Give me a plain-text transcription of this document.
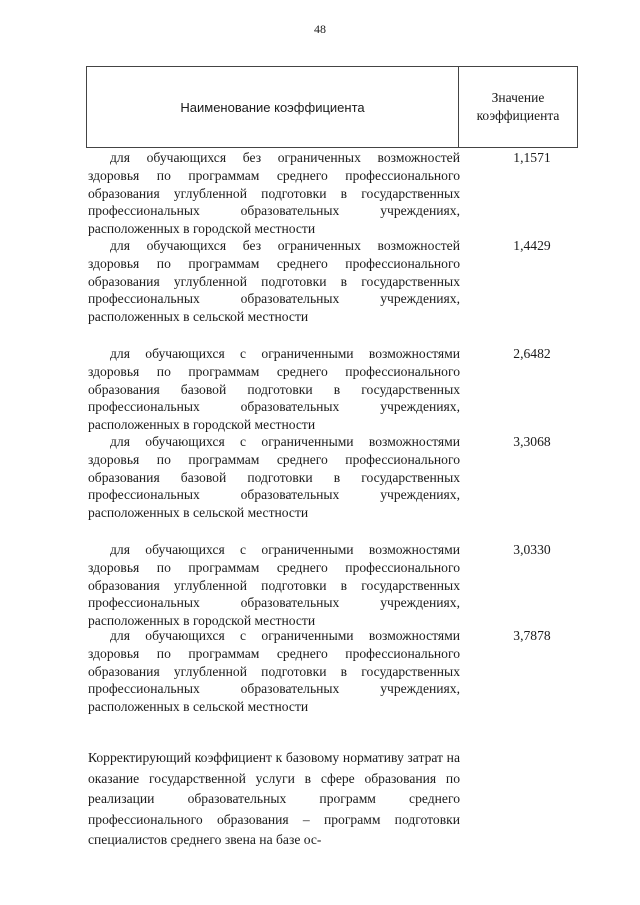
48
Наименование коэффициента
Значение коэффициента
для обучающихся без ограниченных возможностей здоровья по программам среднего профессионального образования углубленной подготовки в государственных профессиональных образовательных учреждениях, расположенных в городской местности
1,1571
для обучающихся без ограниченных возможностей здоровья по программам среднего профессионального образования углубленной подготовки в государственных профессиональных образовательных учреждениях, расположенных в сельской местности
1,4429
для обучающихся с ограниченными возможностями здоровья по программам среднего профессионального образования базовой подготовки в государственных профессиональных образовательных учреждениях, расположенных в городской местности
2,6482
для обучающихся с ограниченными возможностями здоровья по программам среднего профессионального образования базовой подготовки в государственных профессиональных образовательных учреждениях, расположенных в сельской местности
3,3068
для обучающихся с ограниченными возможностями здоровья по программам среднего профессионального образования углубленной подготовки в государственных профессиональных образовательных учреждениях, расположенных в городской местности
3,0330
для обучающихся с ограниченными возможностями здоровья по программам среднего профессионального образования углубленной подготовки в государственных профессиональных образовательных учреждениях, расположенных в сельской местности
3,7878
Корректирующий коэффициент к базовому нормативу затрат на оказание государственной услуги в сфере образования по реализации образовательных программ среднего профессионального образования – программ подготовки специалистов среднего звена на базе ос-
